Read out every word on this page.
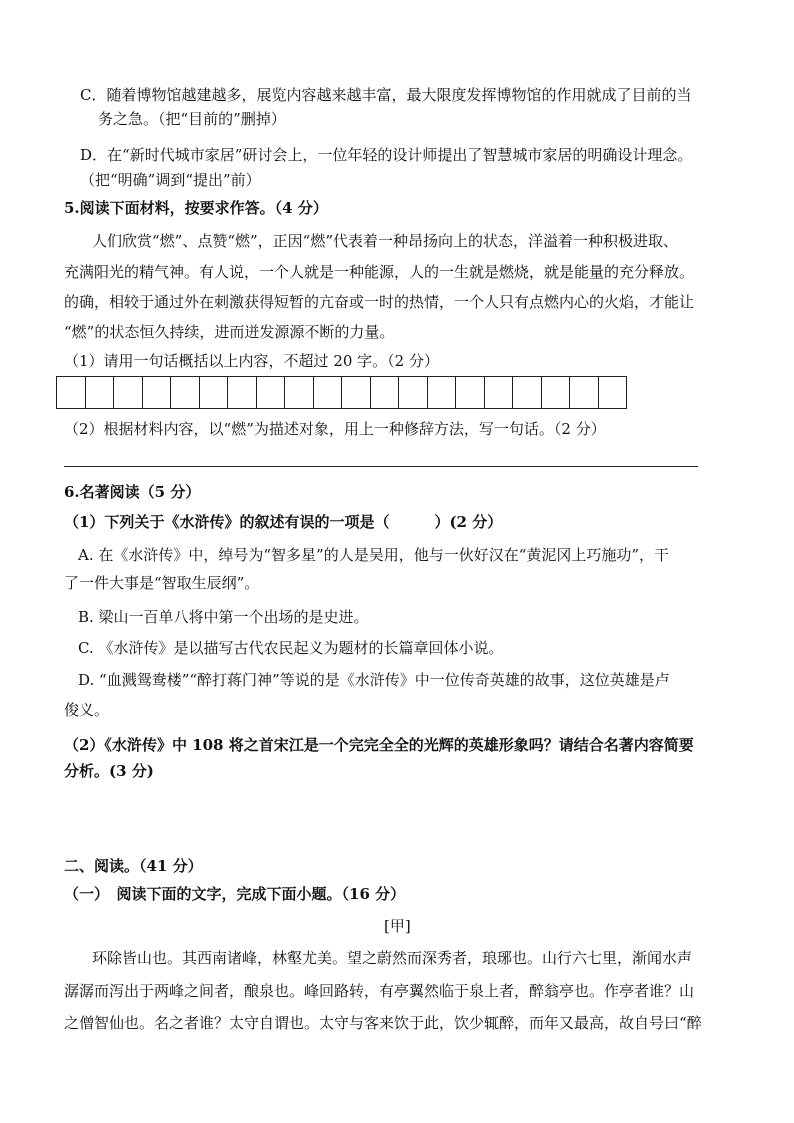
C．随着博物馆越建越多，展览内容越来越丰富，最大限度发挥博物馆的作用就成了目前的当
务之急。（把“目前的”删掉）
D．在“新时代城市家居”研讨会上，一位年轻的设计师提出了智慧城市家居的明确设计理念。
（把“明确”调到“提出”前）
5.阅读下面材料，按要求作答。（4 分）
人们欣赏“燃”、点赞“燃”，正因“燃”代表着一种昂扬向上的状态，洋溢着一种积极进取、
充满阳光的精气神。有人说，一个人就是一种能源，人的一生就是燃烧，就是能量的充分释放。
的确，相较于通过外在刺激获得短暂的亢奋或一时的热情，一个人只有点燃内心的火焰，才能让
“燃”的状态恒久持续，进而迸发源源不断的力量。
（1）请用一句话概括以上内容，不超过 20 字。（2 分）
（2）根据材料内容，以“燃”为描述对象，用上一种修辞方法，写一句话。（2 分）
6.名著阅读（5 分）
（1）下列关于《水浒传》的叙述有误的一项是（　　　）(2 分）
A. 在《水浒传》中，绰号为“智多星”的人是吴用，他与一伙好汉在“黄泥冈上巧施功”，干
了一件大事是“智取生辰纲”。
B. 梁山一百单八将中第一个出场的是史进。
C. 《水浒传》是以描写古代农民起义为题材的长篇章回体小说。
D. “血溅鸳鸯楼”“醉打蒋门神”等说的是《水浒传》中一位传奇英雄的故事，这位英雄是卢
俊义。
（2）《水浒传》中 108 将之首宋江是一个完完全全的光辉的英雄形象吗？请结合名著内容简要
分析。(3 分)
二、阅读。（41 分）
（一）　阅读下面的文字，完成下面小题。（16 分）
[甲]
环除皆山也。其西南诸峰，林壑尤美。望之蔚然而深秀者，琅琊也。山行六七里，渐闻水声
潺潺而泻出于两峰之间者，酿泉也。峰回路转，有亭翼然临于泉上者，醉翁亭也。作亭者谁？山
之僧智仙也。名之者谁？太守自谓也。太守与客来饮于此，饮少辄醉，而年又最高，故自号曰“醉
